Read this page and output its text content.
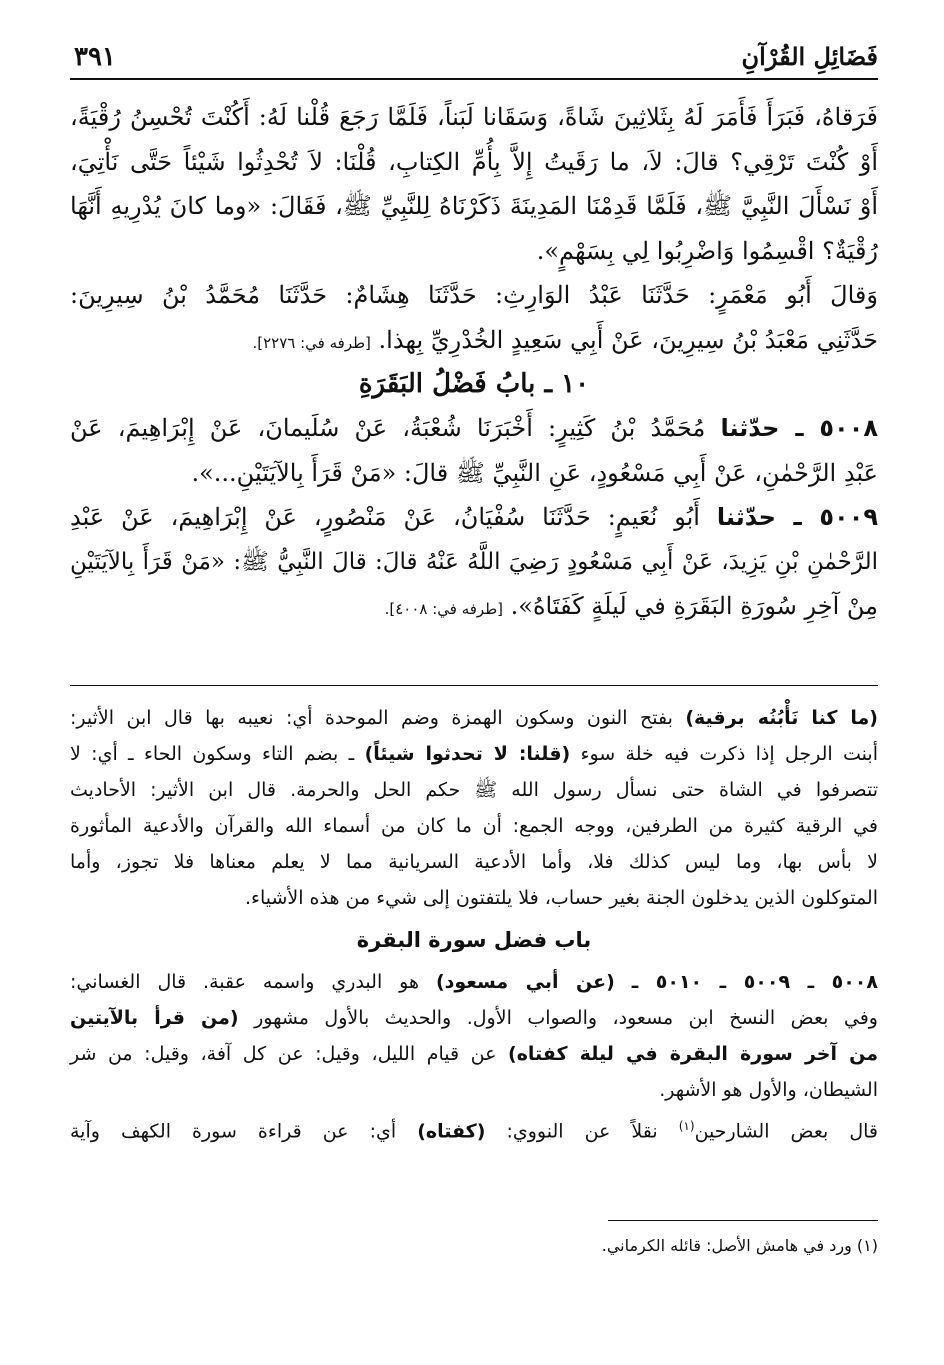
فَضَائِلِ القُرْآنِ
٣٩١

فَرَقاهُ، فَبَرَأَ فَأَمَرَ لَهُ بِثَلاثِينَ شَاةً، وَسَقَانا لَبَناً، فَلَمَّا رَجَعَ قُلْنا لَهُ: أَكُنْتَ تُحْسِنُ رُقْيَةً،

أَوْ كُنْتَ تَرْقِي؟ قالَ: لاَ، ما رَقَيتُ إِلاَّ بِأُمِّ الكِتابِ، قُلْنَا: لاَ تُحْدِثُوا شَيْئاً حَتَّى نَأْتِيَ،

أَوْ نَسْأَلَ النَّبِيَّ ﷺ، فَلَمَّا قَدِمْنَا المَدِينَةَ ذَكَرْنَاهُ لِلنَّبِيِّ ﷺ، فَقَالَ: «وما كانَ يُدْرِيهِ أَنَّهَا

رُقْيَةٌ؟ اقْسِمُوا وَاضْرِبُوا لِي بِسَهْمٍ».

وَقالَ أَبُو مَعْمَرٍ: حَدَّثَنَا عَبْدُ الوَارِثِ: حَدَّثَنَا هِشَامٌ: حَدَّثَنَا مُحَمَّدُ بْنُ سِيرِينَ:

حَدَّثَنِي مَعْبَدُ بْنُ سِيرِينَ، عَنْ أَبِي سَعِيدٍ الخُدْرِيِّ بِهذا. [طرفه في: ٢٢٧٦].

١٠ ـ بابُ فَضْلُ البَقَرَةِ

٥٠٠٨ ـ حدّثنا مُحَمَّدُ بْنُ كَثِيرٍ: أَخْبَرَنَا شُعْبَةُ، عَنْ سُلَيمانَ، عَنْ إِبْرَاهِيمَ، عَنْ

عَبْدِ الرَّحْمٰنِ، عَنْ أَبِي مَسْعُودٍ، عَنِ النَّبِيِّ ﷺ قالَ: «مَنْ قَرَأَ بِالآيَتَيْنِ...».

٥٠٠٩ ـ حدّثنا أَبُو نُعَيمٍ: حَدَّثَنَا سُفْيَانُ، عَنْ مَنْصُورٍ، عَنْ إِبْرَاهِيمَ، عَنْ عَبْدِ

الرَّحْمٰنِ بْنِ يَزِيدَ، عَنْ أَبِي مَسْعُودٍ رَضِيَ اللَّهُ عَنْهُ قالَ: قالَ النَّبِيُّ ﷺ: «مَنْ قَرَأَ بِالآيَتَيْنِ

مِنْ آخِرِ سُورَةِ البَقَرَةِ في لَيلَةٍ كَفَتَاهُ». [طرفه في: ٤٠٠٨].

(ما كنا نَأْبُنُه برقية) بفتح النون وسكون الهمزة وضم الموحدة أي: نعيبه بها قال ابن الأثير:

أبنت الرجل إذا ذكرت فيه خلة سوء (قلنا: لا تحدثوا شيئاً) ـ بضم التاء وسكون الحاء ـ أي: لا

تتصرفوا في الشاة حتى نسأل رسول الله ﷺ حكم الحل والحرمة. قال ابن الأثير: الأحاديث

في الرقية كثيرة من الطرفين، ووجه الجمع: أن ما كان من أسماء الله والقرآن والأدعية المأثورة

لا بأس بها، وما ليس كذلك فلا، وأما الأدعية السريانية مما لا يعلم معناها فلا تجوز، وأما

المتوكلون الذين يدخلون الجنة بغير حساب، فلا يلتفتون إلى شيء من هذه الأشياء.

باب فضل سورة البقرة

٥٠٠٨ ـ ٥٠٠٩ ـ ٥٠١٠ ـ (عن أبي مسعود) هو البدري واسمه عقبة. قال الغساني:

وفي بعض النسخ ابن مسعود، والصواب الأول. والحديث بالأول مشهور (من قرأ بالآيتين

من آخر سورة البقرة في ليلة كفتاه) عن قيام الليل، وقيل: عن كل آفة، وقيل: من شر

الشيطان، والأول هو الأشهر.

قال بعض الشارحين$^{(١)}$ نقلاً عن النووي: (كفتاه) أي: عن قراءة سورة الكهف وآية

(١) ورد في هامش الأصل: قائله الكرماني.
